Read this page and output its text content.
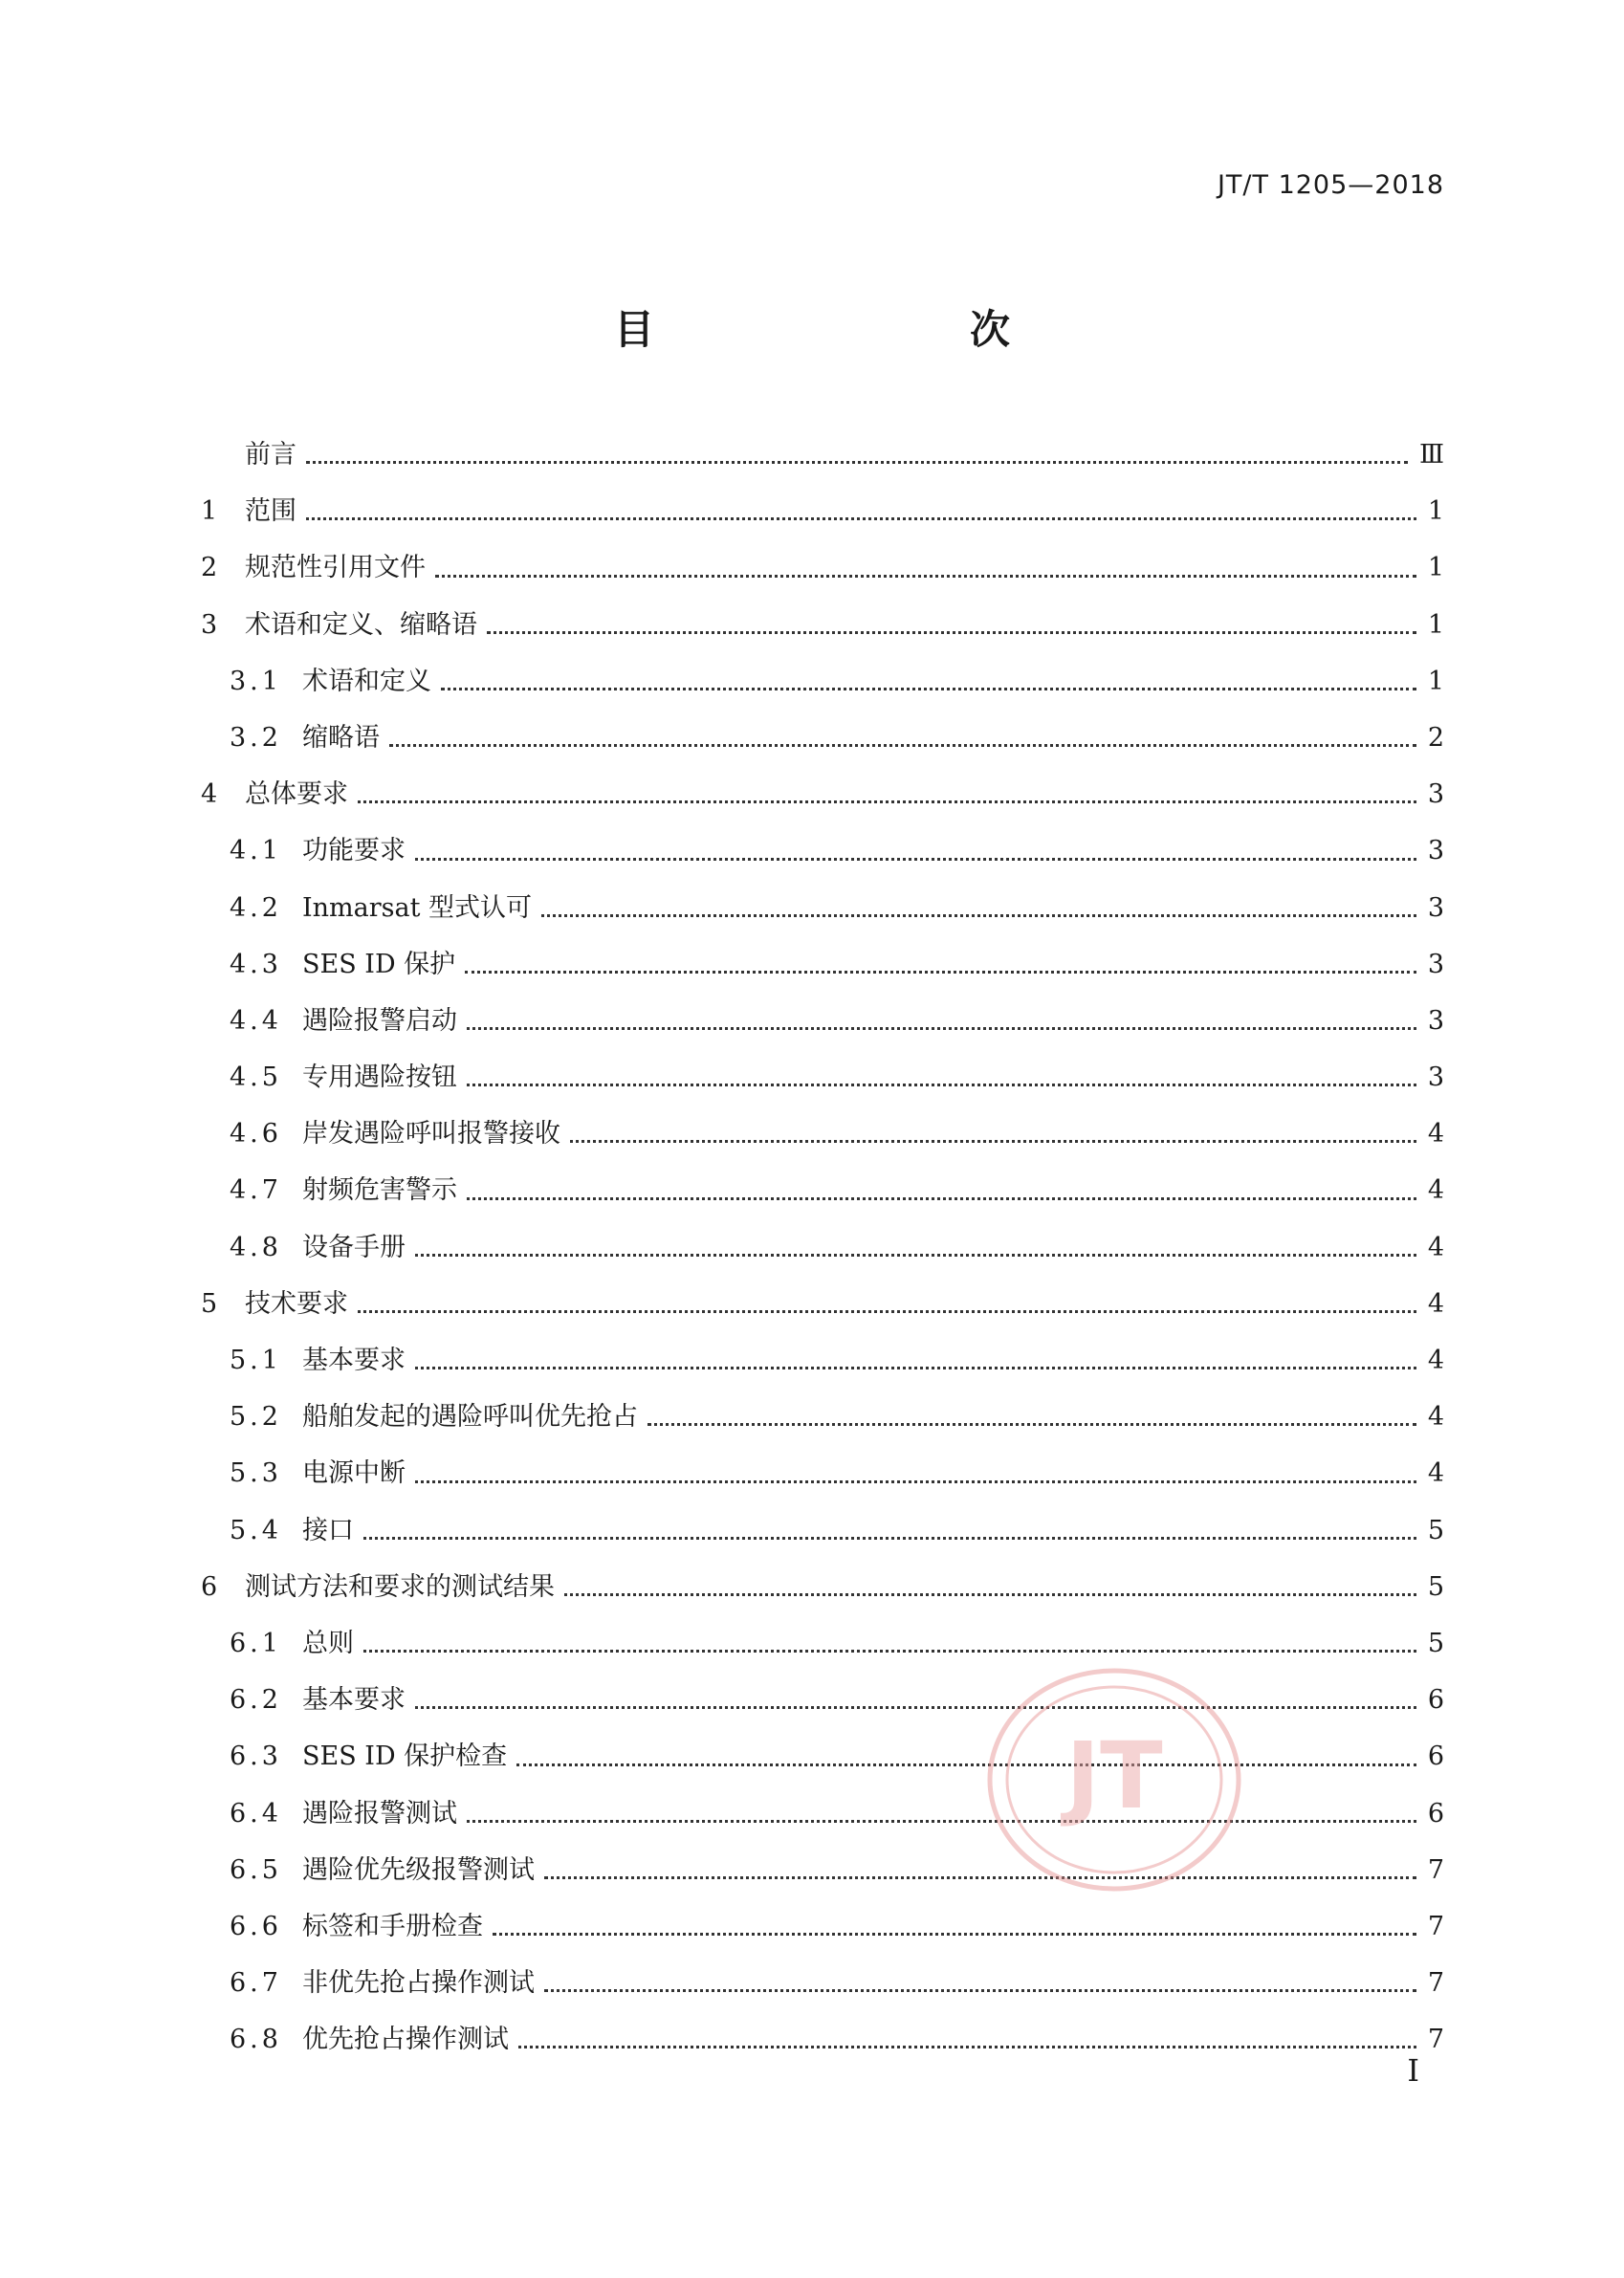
JT/T 1205—2018
目　　次
前言	Ⅲ
1	范围	1
2	规范性引用文件	1
3	术语和定义、缩略语	1
3.1 术语和定义	1
3.2 缩略语	2
4	总体要求	3
4.1 功能要求	3
4.2 Inmarsat 型式认可	3
4.3 SES ID 保护	3
4.4 遇险报警启动	3
4.5 专用遇险按钮	3
4.6 岸发遇险呼叫报警接收	4
4.7 射频危害警示	4
4.8 设备手册	4
5	技术要求	4
5.1 基本要求	4
5.2 船舶发起的遇险呼叫优先抢占	4
5.3 电源中断	4
5.4 接口	5
6	测试方法和要求的测试结果	5
6.1 总则	5
6.2 基本要求	6
6.3 SES ID 保护检查	6
6.4 遇险报警测试	6
6.5 遇险优先级报警测试	7
6.6 标签和手册检查	7
6.7 非优先抢占操作测试	7
6.8 优先抢占操作测试	7
JT
Ⅰ
